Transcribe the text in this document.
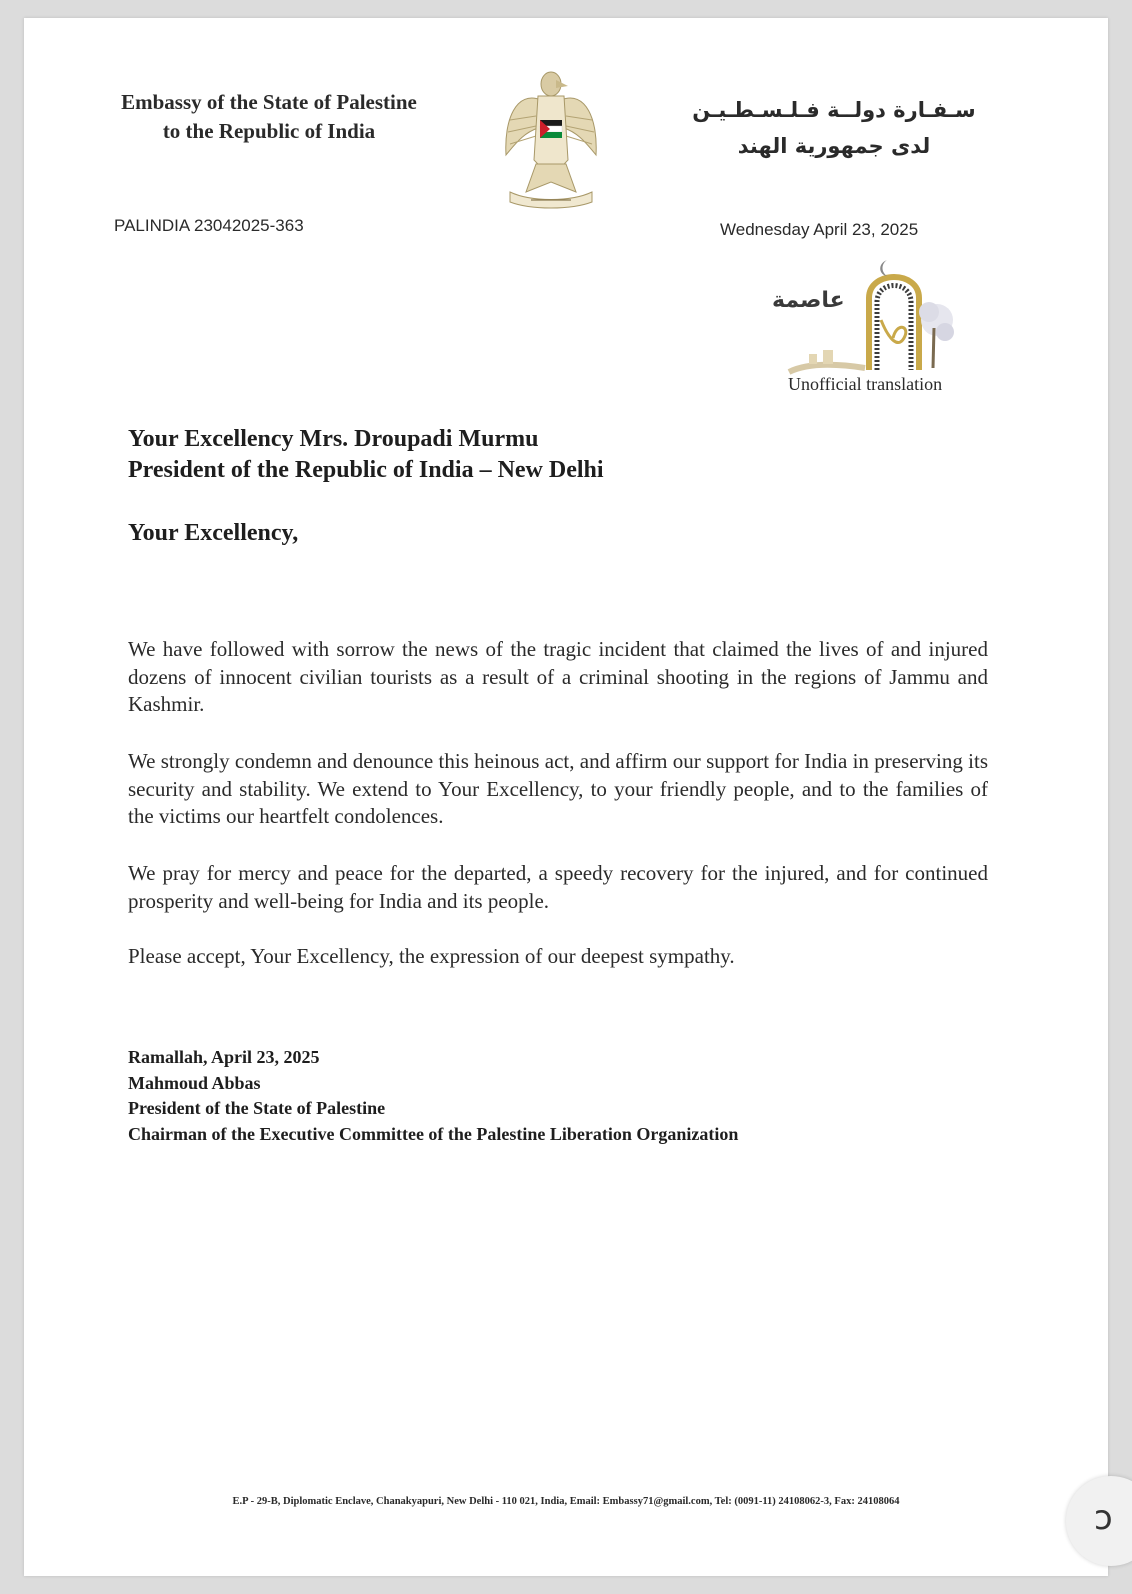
Embassy of the State of Palestine
to the Republic of India
سـفـارة دولــة فـلـسـطـيـن
لدى جمهورية الهند
PALINDIA 23042025-363	Wednesday April 23, 2025
عاصمة
Unofficial translation
Your Excellency Mrs. Droupadi Murmu
President of the Republic of India – New Delhi
Your Excellency,
We have followed with sorrow the news of the tragic incident that claimed the lives of and injured dozens of innocent civilian tourists as a result of a criminal shooting in the regions of Jammu and Kashmir.
We strongly condemn and denounce this heinous act, and affirm our support for India in preserving its security and stability. We extend to Your Excellency, to your friendly people, and to the families of the victims our heartfelt condolences.
We pray for mercy and peace for the departed, a speedy recovery for the injured, and for continued prosperity and well-being for India and its people.
Please accept, Your Excellency, the expression of our deepest sympathy.
Ramallah, April 23, 2025
Mahmoud Abbas
President of the State of Palestine
Chairman of the Executive Committee of the Palestine Liberation Organization
E.P - 29-B, Diplomatic Enclave, Chanakyapuri, New Delhi - 110 021, India, Email: Embassy71@gmail.com, Tel: (0091-11) 24108062-3, Fax: 24108064	ↄ
